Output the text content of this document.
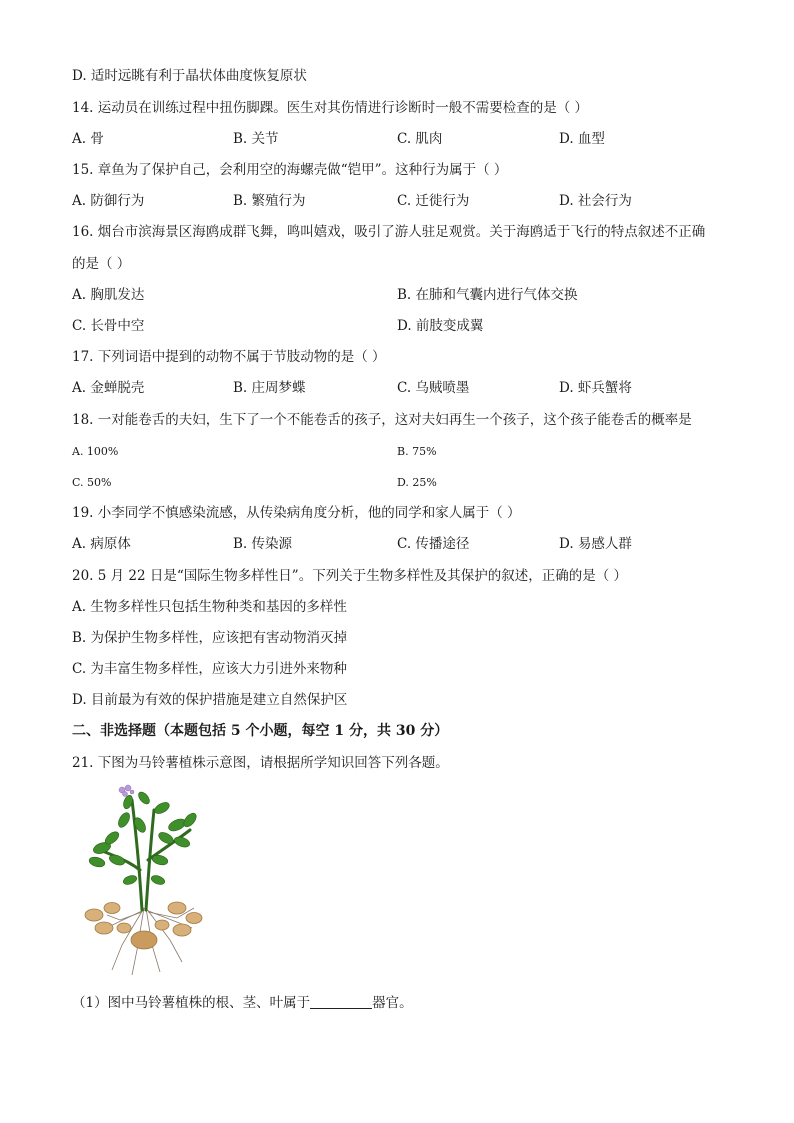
D. 适时远眺有利于晶状体曲度恢复原状
14. 运动员在训练过程中扭伤脚踝。医生对其伤情进行诊断时一般不需要检查的是（ ）
A. 骨	B. 关节	C. 肌肉	D. 血型
15. 章鱼为了保护自己，会利用空的海螺壳做“铠甲”。这种行为属于（ ）
A. 防御行为	B. 繁殖行为	C. 迁徙行为	D. 社会行为
16. 烟台市滨海景区海鸥成群飞舞，鸣叫嬉戏，吸引了游人驻足观赏。关于海鸥适于飞行的特点叙述不正确
的是（ ）
A. 胸肌发达	B. 在肺和气囊内进行气体交换
C. 长骨中空	D. 前肢变成翼
17. 下列词语中提到的动物不属于节肢动物的是（ ）
A. 金蝉脱壳	B. 庄周梦蝶	C. 乌贼喷墨	D. 虾兵蟹将
18. 一对能卷舌的夫妇，生下了一个不能卷舌的孩子，这对夫妇再生一个孩子，这个孩子能卷舌的概率是
A. 100%	B. 75%
C. 50%	D. 25%
19. 小李同学不慎感染流感，从传染病角度分析，他的同学和家人属于（ ）
A. 病原体	B. 传染源	C. 传播途径	D. 易感人群
20. 5 月 22 日是“国际生物多样性日”。下列关于生物多样性及其保护的叙述，正确的是（ ）
A. 生物多样性只包括生物种类和基因的多样性
B. 为保护生物多样性，应该把有害动物消灭掉
C. 为丰富生物多样性，应该大力引进外来物种
D. 目前最为有效的保护措施是建立自然保护区
二、非选择题（本题包括 5 个小题，每空 1 分，共 30 分）
21. 下图为马铃薯植株示意图，请根据所学知识回答下列各题。
（1）图中马铃薯植株的根、茎、叶属于	器官。
